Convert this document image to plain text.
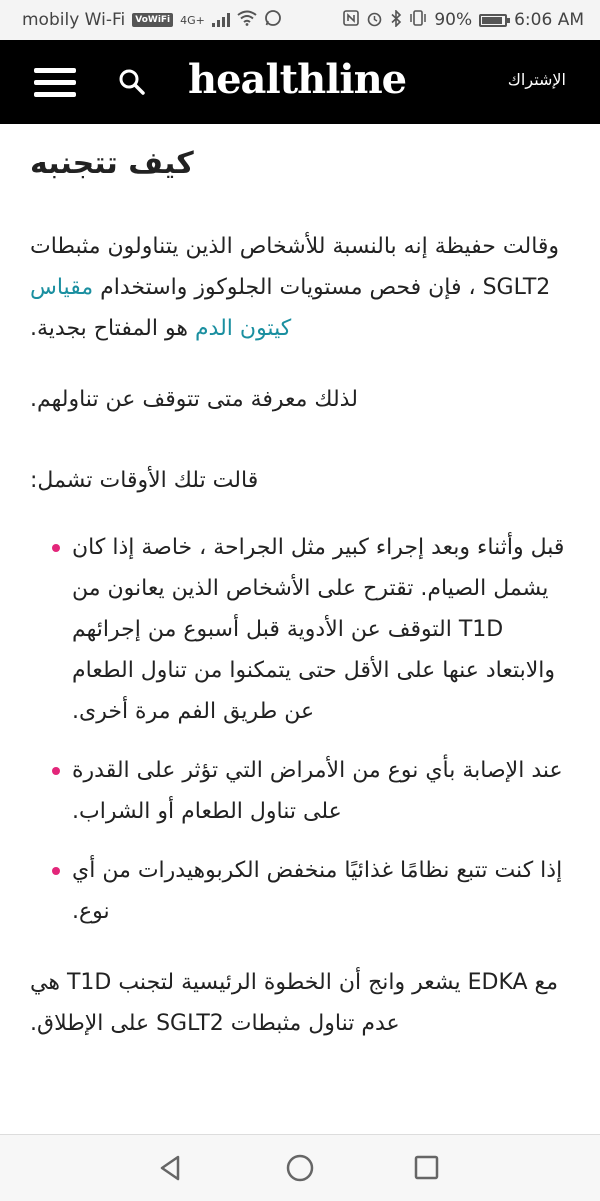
mobily Wi-Fi	VoWiFi 4G+	90% 6:06 AM
healthline	الإشتراك
كيف تتجنبه

وقالت حفيظة إنه بالنسبة للأشخاص الذين يتناولون مثبطات SGLT2 ، فإن فحص مستويات الجلوكوز واستخدام مقياس كيتون الدم هو المفتاح بجدية.

لذلك معرفة متى تتوقف عن تناولهم.

قالت تلك الأوقات تشمل:

قبل وأثناء وبعد إجراء كبير مثل الجراحة ، خاصة إذا كان يشمل الصيام. تقترح على الأشخاص الذين يعانون من T1D التوقف عن الأدوية قبل أسبوع من إجرائهم والابتعاد عنها على الأقل حتى يتمكنوا من تناول الطعام عن طريق الفم مرة أخرى.
عند الإصابة بأي نوع من الأمراض التي تؤثر على القدرة على تناول الطعام أو الشراب.
إذا كنت تتبع نظامًا غذائيًا منخفض الكربوهيدرات من أي نوع.

مع EDKA يشعر وانج أن الخطوة الرئيسية لتجنب T1D هي عدم تناول مثبطات SGLT2 على الإطلاق.
